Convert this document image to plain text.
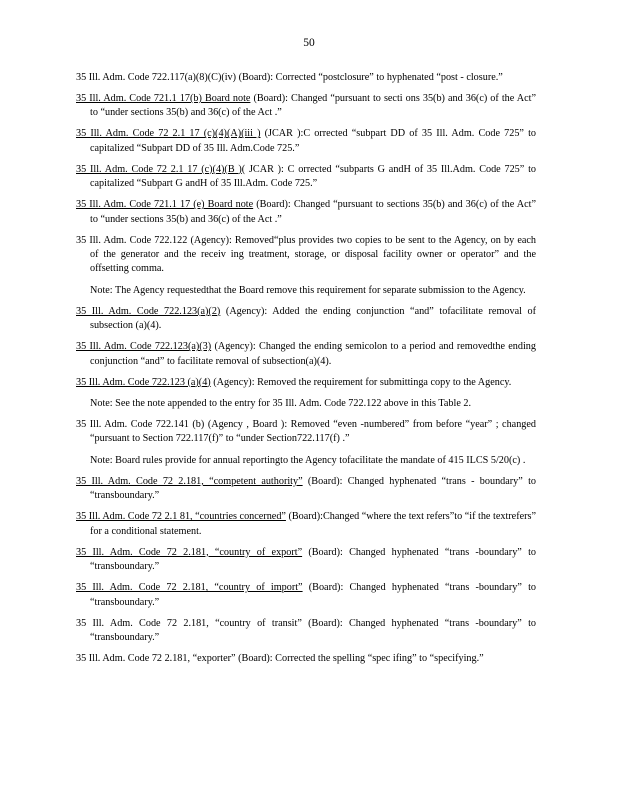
50

35 Ill. Adm. Code 722.117(a)(8)(C)(iv) (Board): Corrected “postclosure” to hyphenated “post - closure.”

35 Ill. Adm. Code 721.1 17(b) Board note (Board): Changed “pursuant to secti ons 35(b) and 36(c) of the Act” to “under sections 35(b) and 36(c) of the Act .”

35 Ill. Adm. Code 72 2.1 17 (c)(4)(A)(iii ) (JCAR ):C orrected “subpart DD of 35 Ill. Adm. Code 725” to capitalized “Subpart DD of 35 Ill. Adm.Code 725.”

35 Ill. Adm. Code 72 2.1 17 (c)(4)(B )( JCAR ): C orrected “subparts G andH of 35 Ill.Adm. Code 725” to capitalized “Subpart G andH of 35 Ill.Adm. Code 725.”

35 Ill. Adm. Code 721.1 17 (e) Board note (Board): Changed “pursuant to sections 35(b) and 36(c) of the Act” to “under sections 35(b) and 36(c) of the Act .”

35 Ill. Adm. Code 722.122 (Agency): Removed“plus provides two copies to be sent to the Agency, on by each of the generator and the receiv ing treatment, storage, or disposal facility owner or operator” and the offsetting comma.
Note: The Agency requestedthat the Board remove this requirement for separate submission to the Agency.

35 Ill. Adm. Code 722.123(a)(2) (Agency): Added the ending conjunction “and” tofacilitate removal of subsection (a)(4).

35 Ill. Adm. Code 722.123(a)(3) (Agency): Changed the ending semicolon to a period and removedthe ending conjunction “and” to facilitate removal of subsection(a)(4).

35 Ill. Adm. Code 722.123 (a)(4) (Agency): Removed the requirement for submittinga copy to the Agency.
Note: See the note appended to the entry for 35 Ill. Adm. Code 722.122 above in this Table 2.

35 Ill. Adm. Code 722.141 (b) (Agency , Board ): Removed “even -numbered” from before “year” ; changed “pursuant to Section 722.117(f)” to “under Section722.117(f) .”
Note: Board rules provide for annual reportingto the Agency tofacilitate the mandate of 415 ILCS 5/20(c) .

35 Ill. Adm. Code 72 2.181, “competent authority” (Board): Changed hyphenated “trans - boundary” to “transboundary.”

35 Ill. Adm. Code 72 2.1 81, “countries concerned” (Board):Changed “where the text refers”to “if the textrefers” for a conditional statement.

35 Ill. Adm. Code 72 2.181, “country of export” (Board): Changed hyphenated “trans -boundary” to “transboundary.”

35 Ill. Adm. Code 72 2.181, “country of import” (Board): Changed hyphenated “trans -boundary” to “transboundary.”

35 Ill. Adm. Code 72 2.181, “country of transit” (Board): Changed hyphenated “trans -boundary” to “transboundary.”

35 Ill. Adm. Code 72 2.181, “exporter” (Board): Corrected the spelling “spec ifing” to “specifying.”
